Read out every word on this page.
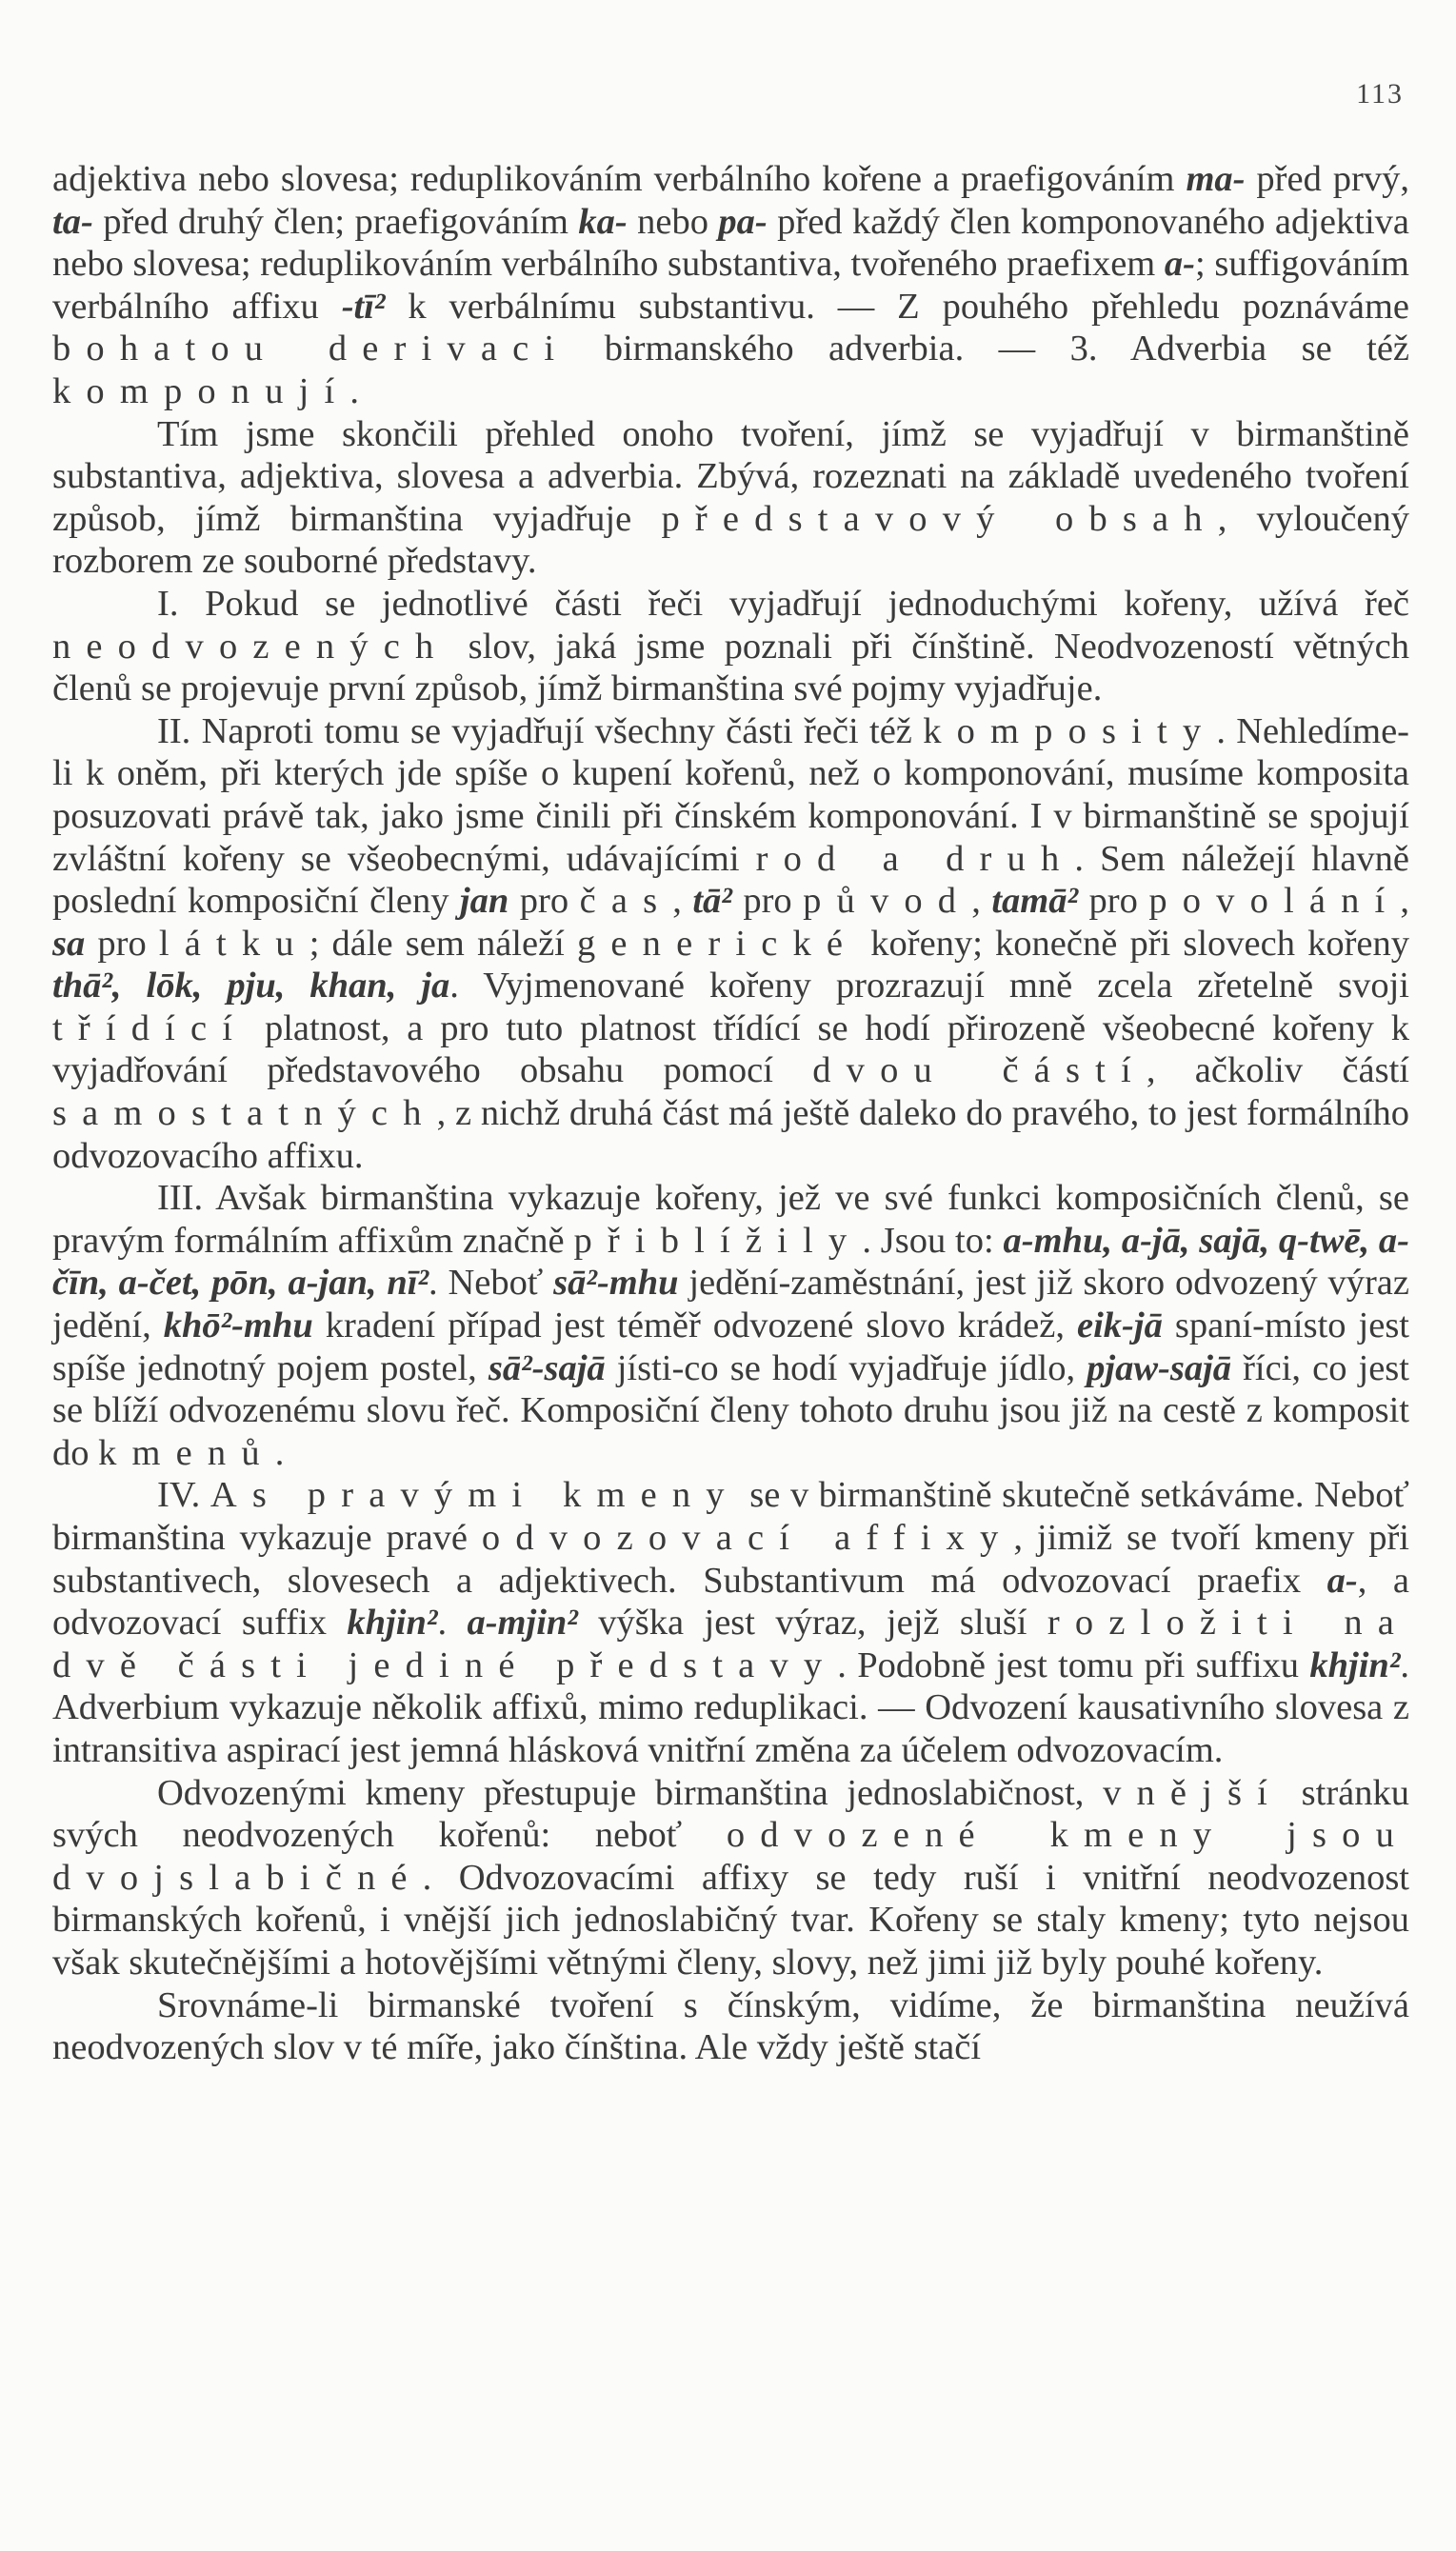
113

adjektiva nebo slovesa; reduplikováním verbálního kořene a praefigováním ma- před prvý, ta- před druhý člen; praefigováním ka- nebo pa- před každý člen komponovaného adjektiva nebo slovesa; reduplikováním verbálního substantiva, tvořeného praefixem a-; suffigováním verbálního affixu -tī² k verbálnímu substantivu. — Z pouhého přehledu poznáváme bohatou derivaci birmanského adverbia. — 3. Adverbia se též komponují.

Tím jsme skončili přehled onoho tvoření, jímž se vyjadřují v birmanštině substantiva, adjektiva, slovesa a adverbia. Zbývá, rozeznati na základě uvedeného tvoření způsob, jímž birmanština vyjadřuje představový obsah, vyloučený rozborem ze souborné představy.

I. Pokud se jednotlivé části řeči vyjadřují jednoduchými kořeny, užívá řeč neodvozených slov, jaká jsme poznali při čínštině. Neodvozeností větných členů se projevuje první způsob, jímž birmanština své pojmy vyjadřuje.

II. Naproti tomu se vyjadřují všechny části řeči též komposity. Nehledíme-li k oněm, při kterých jde spíše o kupení kořenů, než o komponování, musíme komposita posuzovati právě tak, jako jsme činili při čínském komponování. I v birmanštině se spojují zvláštní kořeny se všeobecnými, udávajícími rod a druh. Sem náležejí hlavně poslední komposiční členy jan pro čas, tā² pro původ, tamā² pro povolání, sa pro látku; dále sem náleží generické kořeny; konečně při slovech kořeny thā², lōk, pju, khan, ja. Vyjmenované kořeny prozrazují mně zcela zřetelně svoji třídící platnost, a pro tuto platnost třídící se hodí přirozeně všeobecné kořeny k vyjadřování představového obsahu pomocí dvou částí, ačkoliv částí samostatných, z nichž druhá část má ještě daleko do pravého, to jest formálního odvozovacího affixu.

III. Avšak birmanština vykazuje kořeny, jež ve své funkci komposičních členů, se pravým formálním affixům značně přiblížily. Jsou to: a-mhu, a-jā, sajā, q-twē, a-čīn, a-čet, pōn, a-jan, nī². Neboť sā²-mhu jedění-zaměstnání, jest již skoro odvozený výraz jedění, khō²-mhu kradení případ jest téměř odvozené slovo krádež, eik-jā spaní-místo jest spíše jednotný pojem postel, sā²-sajā jísti-co se hodí vyjadřuje jídlo, pjaw-sajā říci, co jest se blíží odvozenému slovu řeč. Komposiční členy tohoto druhu jsou již na cestě z komposit do kmenů.

IV. As pravými kmeny se v birmanštině skutečně setkáváme. Neboť birmanština vykazuje pravé odvozovací affixy, jimiž se tvoří kmeny při substantivech, slovesech a adjektivech. Substantivum má odvozovací praefix a-, a odvozovací suffix khjin². a-mjin² výška jest výraz, jejž sluší rozložiti na dvě části jediné představy. Podobně jest tomu při suffixu khjin². Adverbium vykazuje několik affixů, mimo reduplikaci. — Odvození kausativního slovesa z intransitiva aspirací jest jemná hlásková vnitřní změna za účelem odvozovacím.

Odvozenými kmeny přestupuje birmanština jednoslabičnost, vnější stránku svých neodvozených kořenů: neboť odvozené kmeny jsou dvojslabičné. Odvozovacími affixy se tedy ruší i vnitřní neodvozenost birmanských kořenů, i vnější jich jednoslabičný tvar. Kořeny se staly kmeny; tyto nejsou však skutečnějšími a hotovějšími větnými členy, slovy, než jimi již byly pouhé kořeny.

Srovnáme-li birmanské tvoření s čínským, vidíme, že birmanština neužívá neodvozených slov v té míře, jako čínština. Ale vždy ještě stačí
